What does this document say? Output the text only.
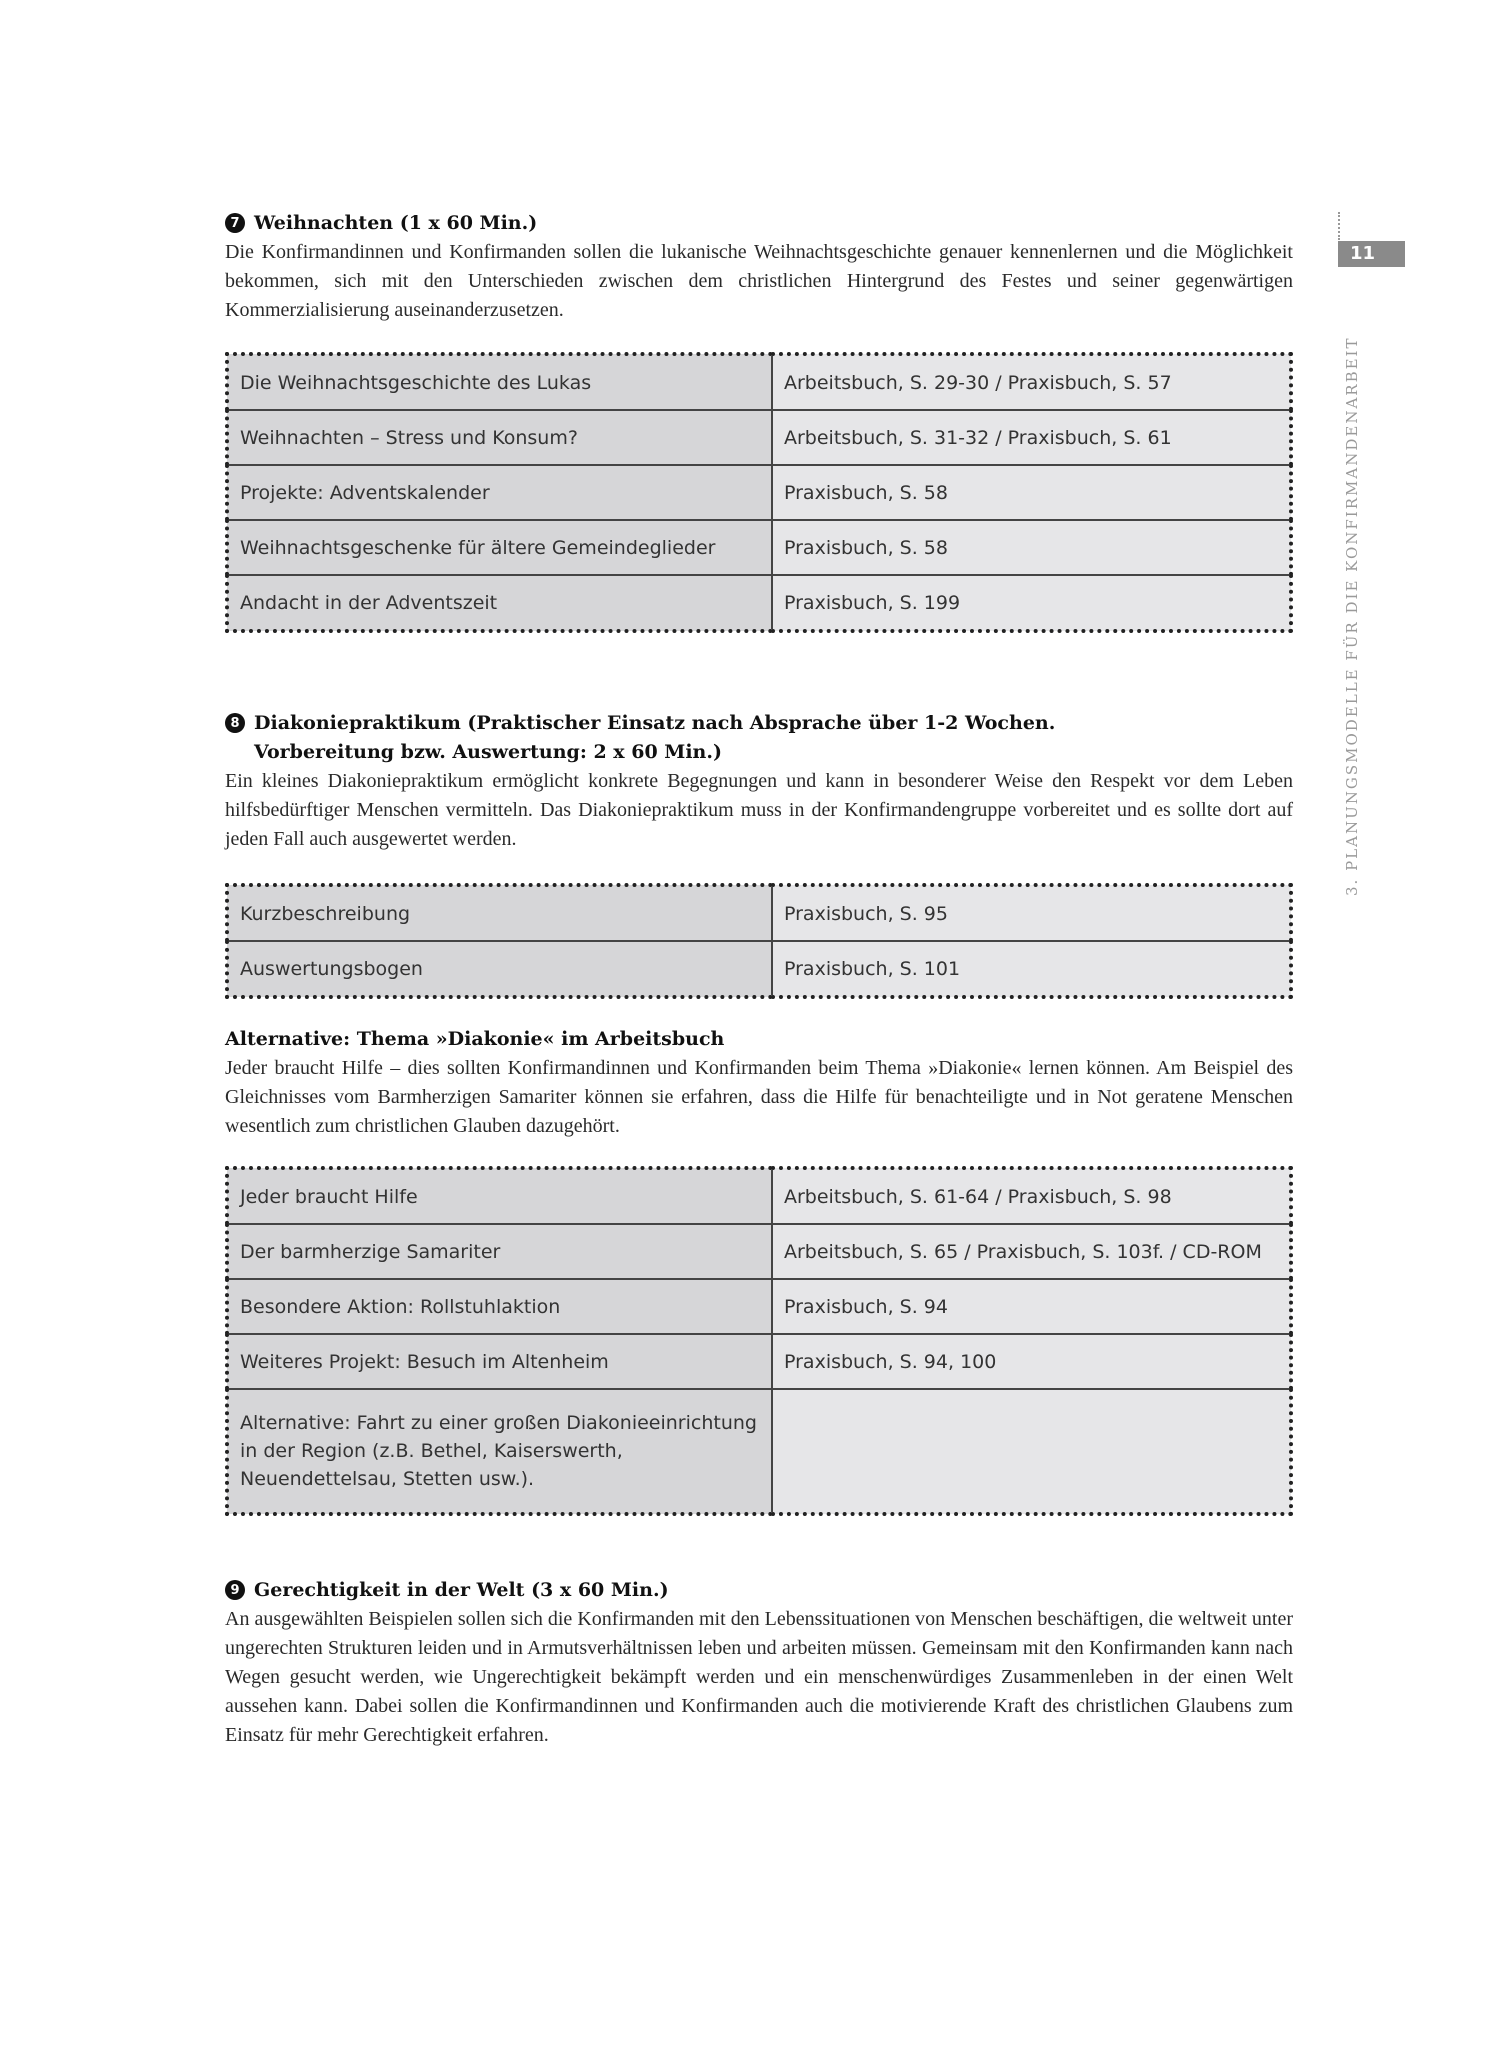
11
3. PLANUNGSMODELLE FÜR DIE KONFIRMANDENARBEIT
7 Weihnachten (1 x 60 Min.)

Die Konfirmandinnen und Konfirmanden sollen die lukanische Weihnachtsgeschichte genauer kennenlernen und die Möglichkeit bekommen, sich mit den Unterschieden zwischen dem christlichen Hintergrund des Festes und seiner gegenwärtigen Kommerzialisierung auseinanderzusetzen.

Die Weihnachtsgeschichte des Lukas	Arbeitsbuch, S. 29-30 / Praxisbuch, S. 57
Weihnachten – Stress und Konsum?	Arbeitsbuch, S. 31-32 / Praxisbuch, S. 61
Projekte: Adventskalender	Praxisbuch, S. 58
Weihnachtsgeschenke für ältere Gemeindeglieder	Praxisbuch, S. 58
Andacht in der Adventszeit	Praxisbuch, S. 199
8 Diakoniepraktikum (Praktischer Einsatz nach Absprache über 1-2 Wochen.
Vorbereitung bzw. Auswertung: 2 x 60 Min.)

Ein kleines Diakoniepraktikum ermöglicht konkrete Begegnungen und kann in besonderer Weise den Respekt vor dem Leben hilfsbedürftiger Menschen vermitteln. Das Diakoniepraktikum muss in der Konfirmandengruppe vorbereitet und es sollte dort auf jeden Fall auch ausgewertet werden.

Kurzbeschreibung	Praxisbuch, S. 95
Auswertungsbogen	Praxisbuch, S. 101
Alternative: Thema »Diakonie« im Arbeitsbuch

Jeder braucht Hilfe – dies sollten Konfirmandinnen und Konfirmanden beim Thema »Diakonie« lernen können. Am Beispiel des Gleichnisses vom Barmherzigen Samariter können sie erfahren, dass die Hilfe für benachteiligte und in Not geratene Menschen wesentlich zum christlichen Glauben dazugehört.

Jeder braucht Hilfe	Arbeitsbuch, S. 61-64 / Praxisbuch, S. 98
Der barmherzige Samariter	Arbeitsbuch, S. 65 / Praxisbuch, S. 103f. / CD-ROM
Besondere Aktion: Rollstuhlaktion	Praxisbuch, S. 94
Weiteres Projekt: Besuch im Altenheim	Praxisbuch, S. 94, 100
Alternative: Fahrt zu einer großen Diakonieeinrichtung in der Region (z.B. Bethel, Kaiserswerth, Neuendettelsau, Stetten usw.).	
9 Gerechtigkeit in der Welt (3 x 60 Min.)

An ausgewählten Beispielen sollen sich die Konfirmanden mit den Lebenssituationen von Menschen beschäftigen, die weltweit unter ungerechten Strukturen leiden und in Armutsverhältnissen leben und arbeiten müssen. Gemeinsam mit den Konfirmanden kann nach Wegen gesucht werden, wie Ungerechtigkeit bekämpft werden und ein menschenwürdiges Zusammenleben in der einen Welt aussehen kann. Dabei sollen die Konfirmandinnen und Konfirmanden auch die motivierende Kraft des christlichen Glaubens zum Einsatz für mehr Gerechtigkeit erfahren.
